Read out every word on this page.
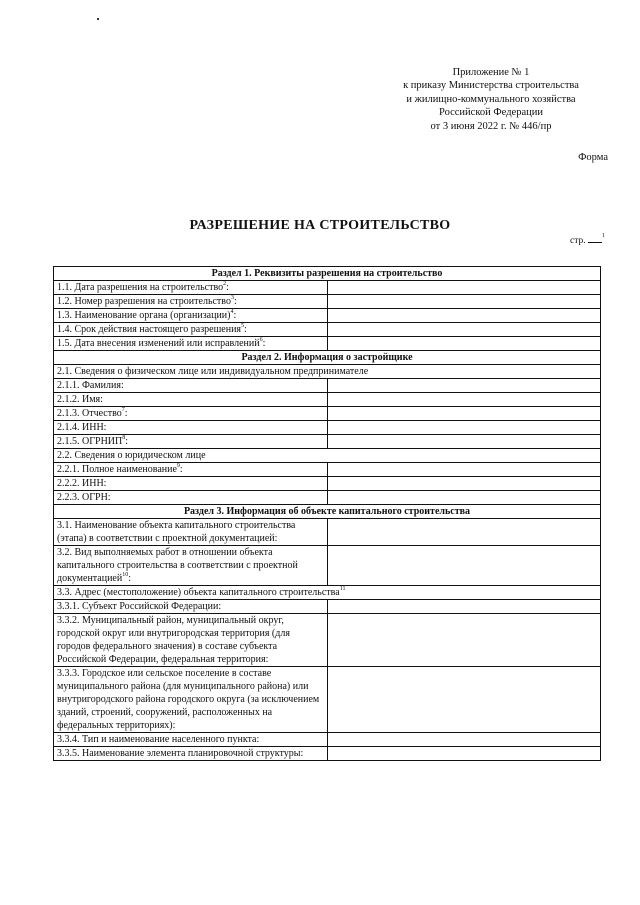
Приложение № 1
к приказу Министерства строительства
и жилищно-коммунального хозяйства
Российской Федерации
от 3 июня 2022 г. № 446/пр
Форма
РАЗРЕШЕНИЕ НА СТРОИТЕЛЬСТВО
стр.	$^1$
Раздел 1. Реквизиты разрешения на строительство	
1.1. Дата разрешения на строительство$^2$:	
1.2. Номер разрешения на строительство$^3$:	
1.3. Наименование органа (организации)$^4$:	
1.4. Срок действия настоящего разрешения$^5$:	
1.5. Дата внесения изменений или исправлений$^6$:	
Раздел 2. Информация о застройщике	
2.1. Сведения о физическом лице или индивидуальном предпринимателе	
2.1.1. Фамилия:	
2.1.2. Имя:	
2.1.3. Отчество$^7$:	
2.1.4. ИНН:	
2.1.5. ОГРНИП$^8$:	
2.2. Сведения о юридическом лице	
2.2.1. Полное наименование$^9$:	
2.2.2. ИНН:	
2.2.3. ОГРН:	
Раздел 3. Информация об объекте капитального строительства	
3.1. Наименование объекта капитального строительства (этапа) в соответствии с проектной документацией:	
3.2. Вид выполняемых работ в отношении объекта капитального строительства в соответствии с проектной документацией$^{10}$:	
3.3. Адрес (местоположение) объекта капитального строительства$^{11}$
3.3.1. Субъект Российской Федерации:	
3.3.2. Муниципальный район, муниципальный округ, городской округ или внутригородская территория (для городов федерального значения) в составе субъекта Российской Федерации, федеральная территория:	
3.3.3. Городское или сельское поселение в составе муниципального района (для муниципального района) или внутригородского района городского округа (за исключением зданий, строений, сооружений, расположенных на федеральных территориях):	
3.3.4. Тип и наименование населенного пункта:	
3.3.5. Наименование элемента планировочной структуры:	
